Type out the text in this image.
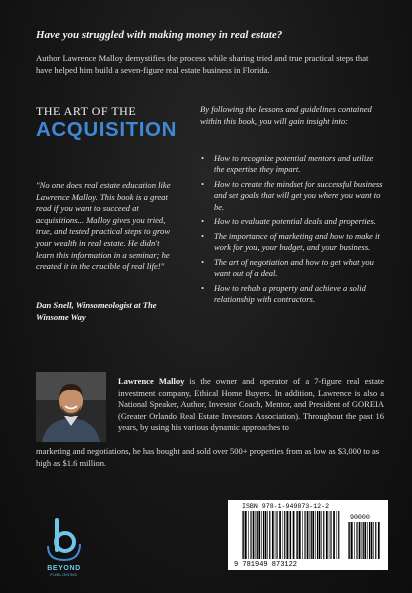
Have you struggled with making money in real estate?
Author Lawrence Malloy demystifies the process while sharing tried and true practical steps that have helped him build a seven-figure real estate business in Florida.
THE ART OF THE
ACQUISITION
"No one does real estate education like Lawrence Malloy. This book is a great read if you want to succeed at acquisitions... Malloy gives you tried, true, and tested practical steps to grow your wealth in real estate. He didn't learn this information in a seminar; he created it in the crucible of real life!"
Dan Snell, Winsomeologist at The Winsome Way
By following the lessons and guidelines contained within this book, you will gain insight into:
• How to recognize potential mentors and utilize the expertise they impart.
• How to create the mindset for successful business and set goals that will get you where you want to be.
• How to evaluate potential deals and properties.
• The importance of marketing and how to make it work for you, your budget, and your business.
• The art of negotiation and how to get what you want out of a deal.
• How to rehab a property and achieve a solid relationship with contractors.
Lawrence Malloy is the owner and operator of a 7-figure real estate investment company, Ethical Home Buyers. In addition, Lawrence is also a National Speaker, Author, Investor Coach, Mentor, and President of GOREIA (Greater Orlando Real Estate Investors Association). Throughout the past 16 years, by using his various dynamic approaches to
marketing and negotiations, he has bought and sold over 500+ properties from as low as $3,000 to as high as $1.6 million.
BEYOND
PUBLISHING
ISBN 978-1-949873-12-2
90000
9 781949 873122
